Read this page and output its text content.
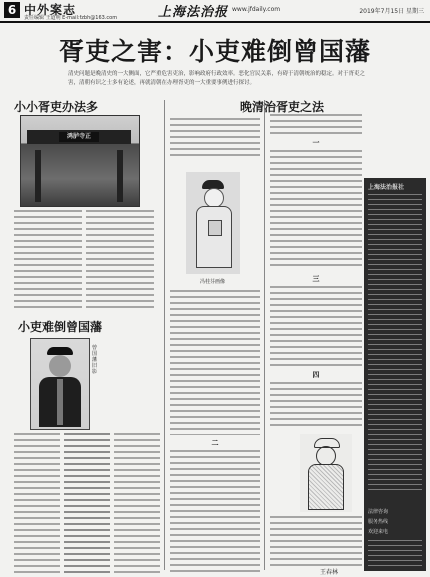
6 中外案志
责任编辑 王道明 E-mail:fzbh@163.com	上海法治报 www.jfdaily.com	2019年7月15日 星期三
胥吏之害：小吏难倒曾国藩
清史问题是晚清史的一大侧面，它严重危害吏治，影响政府行政效率。恶化官民关系，有碍于清朝统治的稳定。对于胥吏之害，清朝有识之士多有论述，再就清朝在办理胥吏的一大重要事例进行探讨。
小小胥吏办法多
鸿胪寺正
小吏难倒曾国藩
曾国藩旧影
冯桂芬画像
二
晚清治胥吏之法
一
三
四
王春林
上海法治报社
法律咨询
服务热线
欢迎来电
